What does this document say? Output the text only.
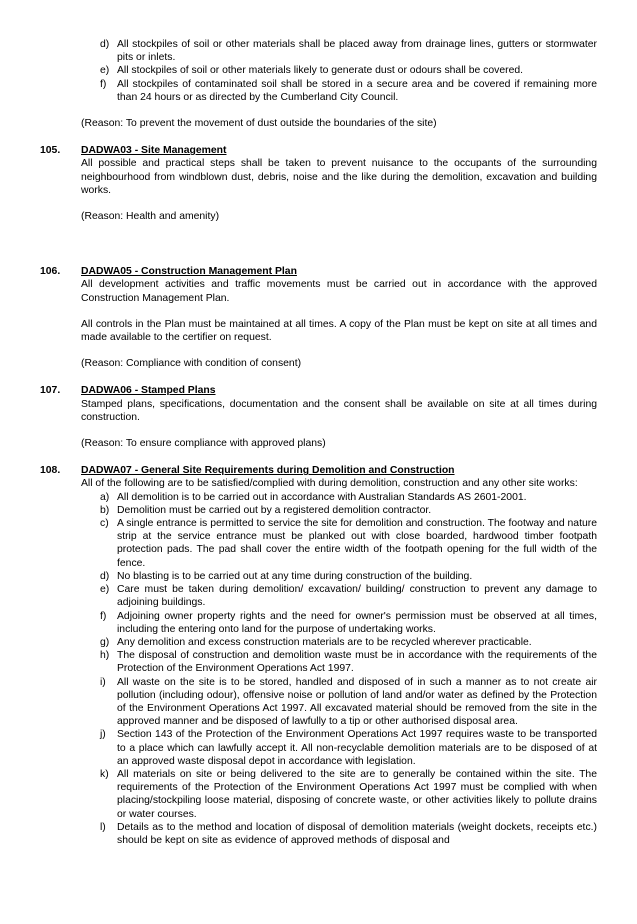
d) All stockpiles of soil or other materials shall be placed away from drainage lines, gutters or stormwater pits or inlets.
e) All stockpiles of soil or other materials likely to generate dust or odours shall be covered.
f)	All stockpiles of contaminated soil shall be stored in a secure area and be covered if remaining more than 24 hours or as directed by the Cumberland City Council.
(Reason: To prevent the movement of dust outside the boundaries of the site)
105.	DADWA03 - Site Management
All possible and practical steps shall be taken to prevent nuisance to the occupants of the surrounding neighbourhood from windblown dust, debris, noise and the like during the demolition, excavation and building works.
(Reason: Health and amenity)
106.	DADWA05 - Construction Management Plan
All development activities and traffic movements must be carried out in accordance with the approved Construction Management Plan.
All controls in the Plan must be maintained at all times. A copy of the Plan must be kept on site at all times and made available to the certifier on request.
(Reason: Compliance with condition of consent)
107.	DADWA06 - Stamped Plans
Stamped plans, specifications, documentation and the consent shall be available on site at all times during construction.
(Reason: To ensure compliance with approved plans)
108.	DADWA07 - General Site Requirements during Demolition and Construction
All of the following are to be satisfied/complied with during demolition, construction and any other site works:
a) All demolition is to be carried out in accordance with Australian Standards AS 2601-2001.
b) Demolition must be carried out by a registered demolition contractor.
c) A single entrance is permitted to service the site for demolition and construction. The footway and nature strip at the service entrance must be planked out with close boarded, hardwood timber footpath protection pads. The pad shall cover the entire width of the footpath opening for the full width of the fence.
d) No blasting is to be carried out at any time during construction of the building.
e) Care must be taken during demolition/ excavation/ building/ construction to prevent any damage to adjoining buildings.
f)	Adjoining owner property rights and the need for owner's permission must be observed at all times, including the entering onto land for the purpose of undertaking works.
g) Any demolition and excess construction materials are to be recycled wherever practicable.
h) The disposal of construction and demolition waste must be in accordance with the requirements of the Protection of the Environment Operations Act 1997.
i)	All waste on the site is to be stored, handled and disposed of in such a manner as to not create air pollution (including odour), offensive noise or pollution of land and/or water as defined by the Protection of the Environment Operations Act 1997. All excavated material should be removed from the site in the approved manner and be disposed of lawfully to a tip or other authorised disposal area.
j)	Section 143 of the Protection of the Environment Operations Act 1997 requires waste to be transported to a place which can lawfully accept it. All non-recyclable demolition materials are to be disposed of at an approved waste disposal depot in accordance with legislation.
k) All materials on site or being delivered to the site are to generally be contained within the site. The requirements of the Protection of the Environment Operations Act 1997 must be complied with when placing/stockpiling loose material, disposing of concrete waste, or other activities likely to pollute drains or water courses.
l)	Details as to the method and location of disposal of demolition materials (weight dockets, receipts etc.) should be kept on site as evidence of approved methods of disposal and
